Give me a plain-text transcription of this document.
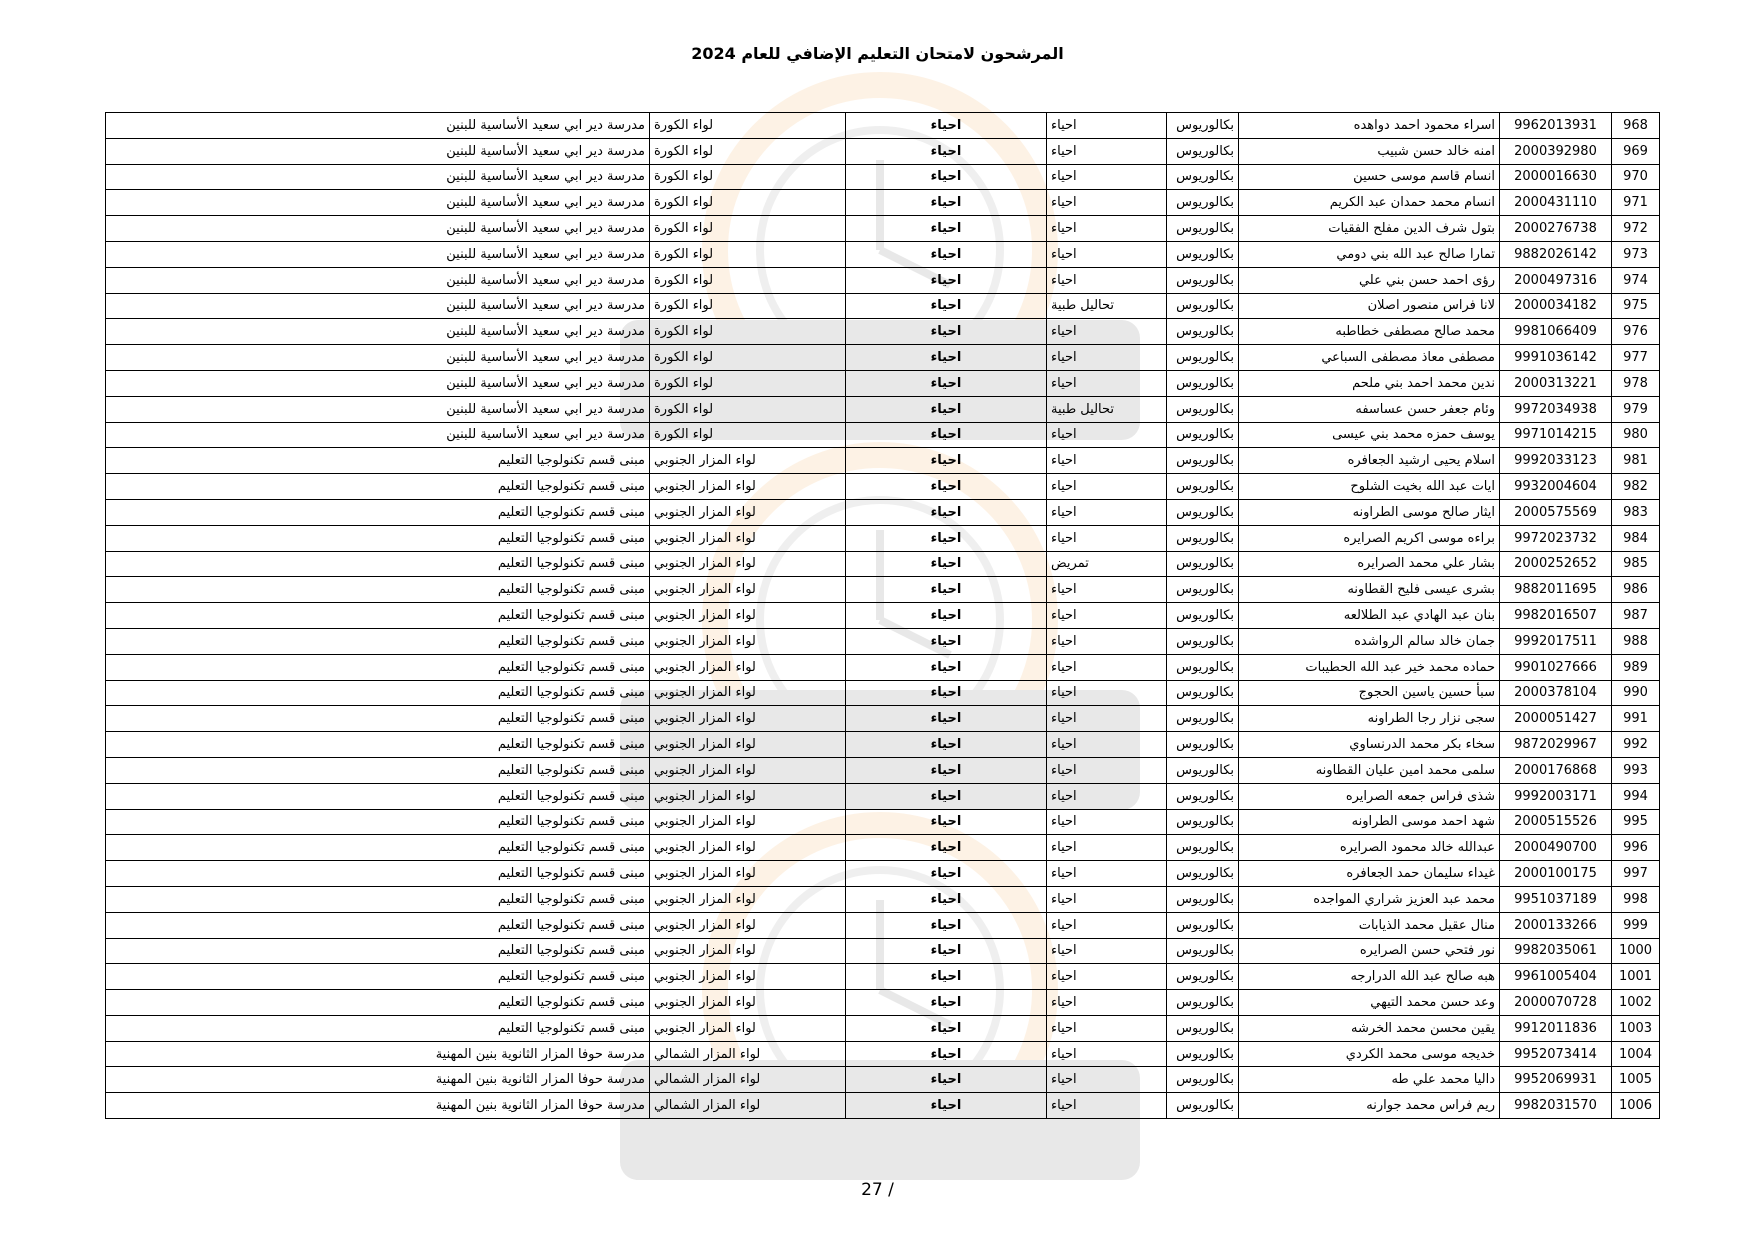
المرشحون لامتحان التعليم الإضافي للعام 2024
968	9962013931	اسراء محمود احمد دواهده	بكالوريوس	احياء	احياء	لواء الكورة	مدرسة دير ابي سعيد الأساسية للبنين
969	2000392980	امنه خالد حسن شبيب	بكالوريوس	احياء	احياء	لواء الكورة	مدرسة دير ابي سعيد الأساسية للبنين
970	2000016630	انسام قاسم موسى حسين	بكالوريوس	احياء	احياء	لواء الكورة	مدرسة دير ابي سعيد الأساسية للبنين
971	2000431110	انسام محمد حمدان عبد الكريم	بكالوريوس	احياء	احياء	لواء الكورة	مدرسة دير ابي سعيد الأساسية للبنين
972	2000276738	بتول شرف الدين مفلح الفقيات	بكالوريوس	احياء	احياء	لواء الكورة	مدرسة دير ابي سعيد الأساسية للبنين
973	9882026142	تمارا صالح عبد الله بني دومي	بكالوريوس	احياء	احياء	لواء الكورة	مدرسة دير ابي سعيد الأساسية للبنين
974	2000497316	رؤى احمد حسن بني علي	بكالوريوس	احياء	احياء	لواء الكورة	مدرسة دير ابي سعيد الأساسية للبنين
975	2000034182	لانا فراس منصور اصلان	بكالوريوس	تحاليل طبية	احياء	لواء الكورة	مدرسة دير ابي سعيد الأساسية للبنين
976	9981066409	محمد صالح مصطفى خطاطبه	بكالوريوس	احياء	احياء	لواء الكورة	مدرسة دير ابي سعيد الأساسية للبنين
977	9991036142	مصطفى معاذ مصطفى السباعي	بكالوريوس	احياء	احياء	لواء الكورة	مدرسة دير ابي سعيد الأساسية للبنين
978	2000313221	ندين محمد احمد بني ملحم	بكالوريوس	احياء	احياء	لواء الكورة	مدرسة دير ابي سعيد الأساسية للبنين
979	9972034938	وئام جعفر حسن عساسفه	بكالوريوس	تحاليل طبية	احياء	لواء الكورة	مدرسة دير ابي سعيد الأساسية للبنين
980	9971014215	يوسف حمزه محمد بني عيسى	بكالوريوس	احياء	احياء	لواء الكورة	مدرسة دير ابي سعيد الأساسية للبنين
981	9992033123	اسلام يحيى ارشيد الجعافره	بكالوريوس	احياء	احياء	لواء المزار الجنوبي	مبنى قسم تكنولوجيا التعليم
982	9932004604	ايات عبد الله بخيت الشلوح	بكالوريوس	احياء	احياء	لواء المزار الجنوبي	مبنى قسم تكنولوجيا التعليم
983	2000575569	ايثار صالح موسى الطراونه	بكالوريوس	احياء	احياء	لواء المزار الجنوبي	مبنى قسم تكنولوجيا التعليم
984	9972023732	براءه موسى اكريم الصرايره	بكالوريوس	احياء	احياء	لواء المزار الجنوبي	مبنى قسم تكنولوجيا التعليم
985	2000252652	بشار علي محمد الصرايره	بكالوريوس	تمريض	احياء	لواء المزار الجنوبي	مبنى قسم تكنولوجيا التعليم
986	9882011695	بشرى عيسى فليح القطاونه	بكالوريوس	احياء	احياء	لواء المزار الجنوبي	مبنى قسم تكنولوجيا التعليم
987	9982016507	بنان عبد الهادي عبد الطلالعه	بكالوريوس	احياء	احياء	لواء المزار الجنوبي	مبنى قسم تكنولوجيا التعليم
988	9992017511	جمان خالد سالم الرواشده	بكالوريوس	احياء	احياء	لواء المزار الجنوبي	مبنى قسم تكنولوجيا التعليم
989	9901027666	حماده محمد خير عبد الله الحطيبات	بكالوريوس	احياء	احياء	لواء المزار الجنوبي	مبنى قسم تكنولوجيا التعليم
990	2000378104	سبأ حسين ياسين الحجوج	بكالوريوس	احياء	احياء	لواء المزار الجنوبي	مبنى قسم تكنولوجيا التعليم
991	2000051427	سجى نزار رجا الطراونه	بكالوريوس	احياء	احياء	لواء المزار الجنوبي	مبنى قسم تكنولوجيا التعليم
992	9872029967	سخاء بكر محمد الدرنساوي	بكالوريوس	احياء	احياء	لواء المزار الجنوبي	مبنى قسم تكنولوجيا التعليم
993	2000176868	سلمى محمد امين عليان القطاونه	بكالوريوس	احياء	احياء	لواء المزار الجنوبي	مبنى قسم تكنولوجيا التعليم
994	9992003171	شذى فراس جمعه الصرايره	بكالوريوس	احياء	احياء	لواء المزار الجنوبي	مبنى قسم تكنولوجيا التعليم
995	2000515526	شهد احمد موسى الطراونه	بكالوريوس	احياء	احياء	لواء المزار الجنوبي	مبنى قسم تكنولوجيا التعليم
996	2000490700	عبدالله خالد محمود الصرايره	بكالوريوس	احياء	احياء	لواء المزار الجنوبي	مبنى قسم تكنولوجيا التعليم
997	2000100175	غيداء سليمان حمد الجعافره	بكالوريوس	احياء	احياء	لواء المزار الجنوبي	مبنى قسم تكنولوجيا التعليم
998	9951037189	محمد عبد العزيز شراري المواجده	بكالوريوس	احياء	احياء	لواء المزار الجنوبي	مبنى قسم تكنولوجيا التعليم
999	2000133266	منال عقيل محمد الذيابات	بكالوريوس	احياء	احياء	لواء المزار الجنوبي	مبنى قسم تكنولوجيا التعليم
1000	9982035061	نور فتحي حسن الصرايره	بكالوريوس	احياء	احياء	لواء المزار الجنوبي	مبنى قسم تكنولوجيا التعليم
1001	9961005404	هبه صالح عبد الله الدرارجه	بكالوريوس	احياء	احياء	لواء المزار الجنوبي	مبنى قسم تكنولوجيا التعليم
1002	2000070728	وعد حسن محمد التيهي	بكالوريوس	احياء	احياء	لواء المزار الجنوبي	مبنى قسم تكنولوجيا التعليم
1003	9912011836	يقين محسن محمد الخرشه	بكالوريوس	احياء	احياء	لواء المزار الجنوبي	مبنى قسم تكنولوجيا التعليم
1004	9952073414	خديجه موسى محمد الكردي	بكالوريوس	احياء	احياء	لواء المزار الشمالي	مدرسة حوفا المزار الثانوية بنين المهنية
1005	9952069931	داليا محمد علي طه	بكالوريوس	احياء	احياء	لواء المزار الشمالي	مدرسة حوفا المزار الثانوية بنين المهنية
1006	9982031570	ريم فراس محمد جوارنه	بكالوريوس	احياء	احياء	لواء المزار الشمالي	مدرسة حوفا المزار الثانوية بنين المهنية
27 /
